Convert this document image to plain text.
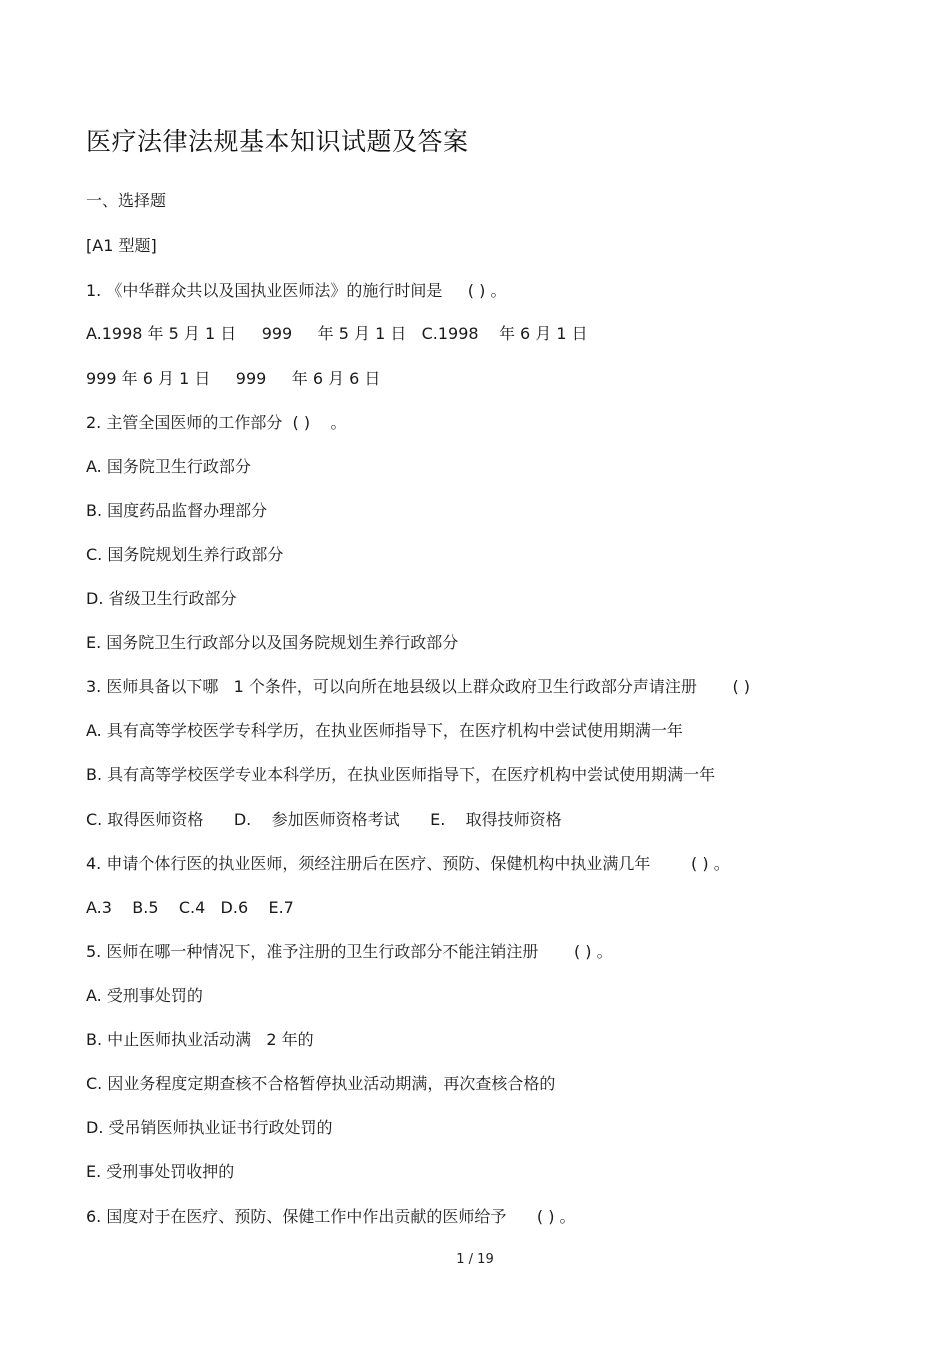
医疗法律法规基本知识试题及答案
一、选择题
[A1 型题]
1. 《中华群众共以及国执业医师法》的施行时间是     ( ) 。
A.1998 年 5 月 1 日     999     年 5 月 1 日   C.1998    年 6 月 1 日
999 年 6 月 1 日     999     年 6 月 6 日
2. 主管全国医师的工作部分  ( )    。
A. 国务院卫生行政部分
B. 国度药品监督办理部分
C. 国务院规划生养行政部分
D. 省级卫生行政部分
E. 国务院卫生行政部分以及国务院规划生养行政部分
3. 医师具备以下哪   1 个条件，可以向所在地县级以上群众政府卫生行政部分声请注册       ( )
A. 具有高等学校医学专科学历，在执业医师指导下，在医疗机构中尝试使用期满一年
B. 具有高等学校医学专业本科学历，在执业医师指导下，在医疗机构中尝试使用期满一年
C. 取得医师资格      D.    参加医师资格考试      E.    取得技师资格
4. 申请个体行医的执业医师，须经注册后在医疗、预防、保健机构中执业满几年        ( ) 。
A.3    B.5    C.4   D.6    E.7
5. 医师在哪一种情况下，准予注册的卫生行政部分不能注销注册       ( ) 。
A. 受刑事处罚的
B. 中止医师执业活动满   2 年的
C. 因业务程度定期查核不合格暂停执业活动期满，再次查核合格的
D. 受吊销医师执业证书行政处罚的
E. 受刑事处罚收押的
6. 国度对于在医疗、预防、保健工作中作出贡献的医师给予      ( ) 。
1 / 19
